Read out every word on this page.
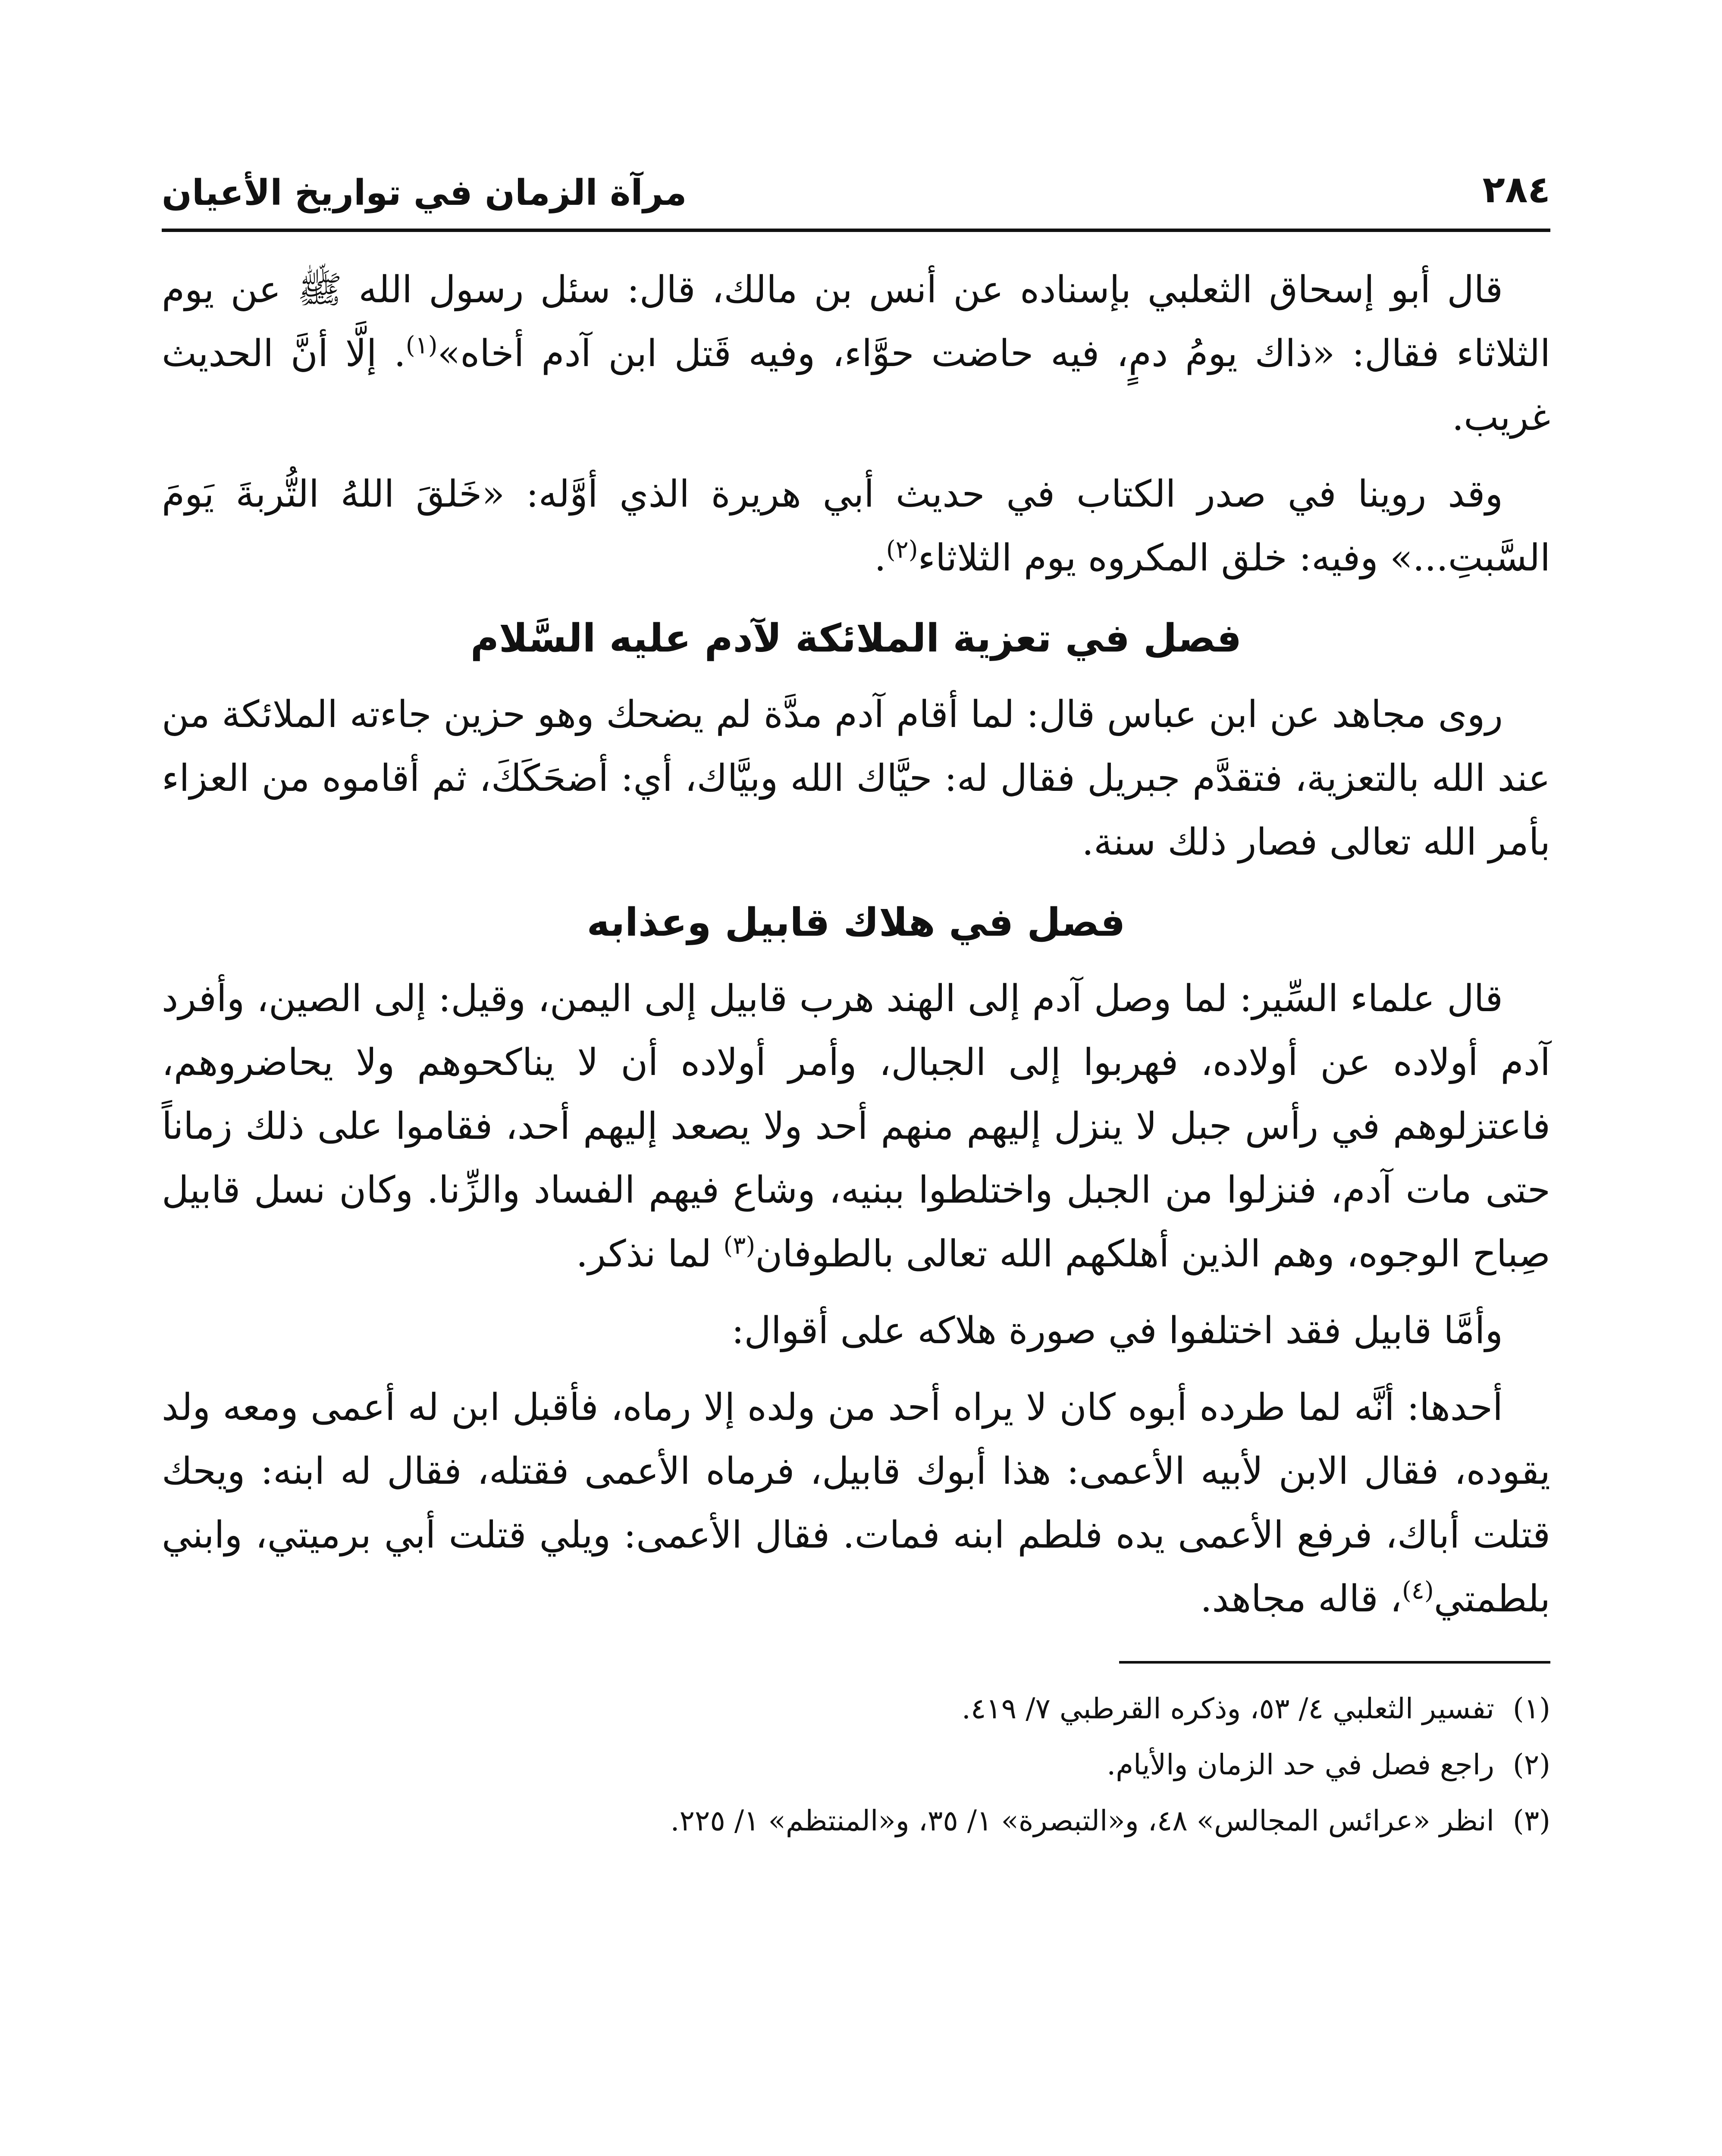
٢٨٤
مرآة الزمان في تواريخ الأعيان

قال أبو إسحاق الثعلبي بإسناده عن أنس بن مالك، قال: سئل رسول الله ﷺ عن يوم الثلاثاء فقال: «ذاك يومُ دمٍ، فيه حاضت حوَّاء، وفيه قَتل ابن آدم أخاه»$^{(١)}$. إلَّا أنَّ الحديث غريب.

وقد روينا في صدر الكتاب في حديث أبي هريرة الذي أوَّله: «خَلقَ اللهُ التُّربةَ يَومَ السَّبتِ...» وفيه: خلق المكروه يوم الثلاثاء$^{(٢)}$.

فصل في تعزية الملائكة لآدم عليه السَّلام

روى مجاهد عن ابن عباس قال: لما أقام آدم مدَّة لم يضحك وهو حزين جاءته الملائكة من عند الله بالتعزية، فتقدَّم جبريل فقال له: حيَّاك الله وبيَّاك، أي: أضحَكَكَ، ثم أقاموه من العزاء بأمر الله تعالى فصار ذلك سنة.

فصل في هلاك قابيل وعذابه

قال علماء السِّير: لما وصل آدم إلى الهند هرب قابيل إلى اليمن، وقيل: إلى الصين، وأفرد آدم أولاده عن أولاده، فهربوا إلى الجبال، وأمر أولاده أن لا يناكحوهم ولا يحاضروهم، فاعتزلوهم في رأس جبل لا ينزل إليهم منهم أحد ولا يصعد إليهم أحد، فقاموا على ذلك زماناً حتى مات آدم، فنزلوا من الجبل واختلطوا ببنيه، وشاع فيهم الفساد والزِّنا. وكان نسل قابيل صِباح الوجوه، وهم الذين أهلكهم الله تعالى بالطوفان$^{(٣)}$ لما نذكر.

وأمَّا قابيل فقد اختلفوا في صورة هلاكه على أقوال:

أحدها: أنَّه لما طرده أبوه كان لا يراه أحد من ولده إلا رماه، فأقبل ابن له أعمى ومعه ولد يقوده، فقال الابن لأبيه الأعمى: هذا أبوك قابيل، فرماه الأعمى فقتله، فقال له ابنه: ويحك قتلت أباك، فرفع الأعمى يده فلطم ابنه فمات. فقال الأعمى: ويلي قتلت أبي برميتي، وابني بلطمتي$^{(٤)}$، قاله مجاهد.

(١)تفسير الثعلبي ٤/ ٥٣، وذكره القرطبي ٧/ ٤١٩.

(٢)راجع فصل في حد الزمان والأيام.

(٣)انظر «عرائس المجالس» ٤٨، و«التبصرة» ١/ ٣٥، و«المنتظم» ١/ ٢٢٥.
